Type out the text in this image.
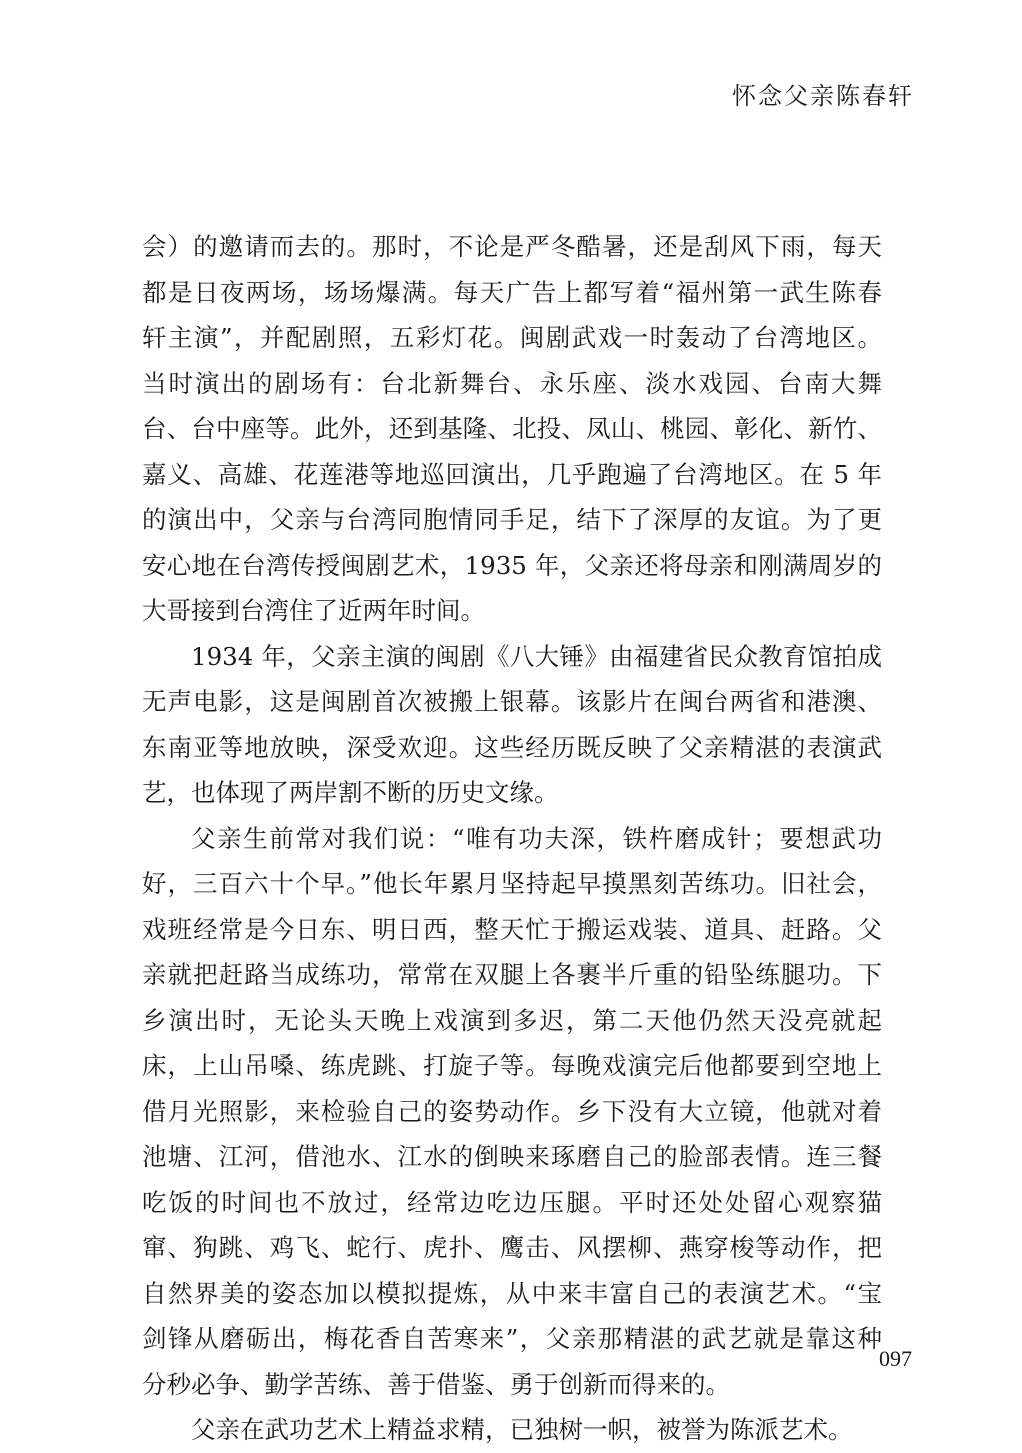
怀念父亲陈春轩
会）的邀请而去的。那时，不论是严冬酷暑，还是刮风下雨，每天
都是日夜两场，场场爆满。每天广告上都写着“福州第一武生陈春
轩主演”，并配剧照，五彩灯花。闽剧武戏一时轰动了台湾地区。
当时演出的剧场有：台北新舞台、永乐座、淡水戏园、台南大舞
台、台中座等。此外，还到基隆、北投、凤山、桃园、彰化、新竹、
嘉义、高雄、花莲港等地巡回演出，几乎跑遍了台湾地区。在 5 年
的演出中，父亲与台湾同胞情同手足，结下了深厚的友谊。为了更
安心地在台湾传授闽剧艺术，1935 年，父亲还将母亲和刚满周岁的
大哥接到台湾住了近两年时间。
1934 年，父亲主演的闽剧《八大锤》由福建省民众教育馆拍成
无声电影，这是闽剧首次被搬上银幕。该影片在闽台两省和港澳、
东南亚等地放映，深受欢迎。这些经历既反映了父亲精湛的表演武
艺，也体现了两岸割不断的历史文缘。
父亲生前常对我们说：“唯有功夫深，铁杵磨成针；要想武功
好，三百六十个早。”他长年累月坚持起早摸黑刻苦练功。旧社会，
戏班经常是今日东、明日西，整天忙于搬运戏装、道具、赶路。父
亲就把赶路当成练功，常常在双腿上各裹半斤重的铅坠练腿功。下
乡演出时，无论头天晚上戏演到多迟，第二天他仍然天没亮就起
床，上山吊嗓、练虎跳、打旋子等。每晚戏演完后他都要到空地上
借月光照影，来检验自己的姿势动作。乡下没有大立镜，他就对着
池塘、江河，借池水、江水的倒映来琢磨自己的脸部表情。连三餐
吃饭的时间也不放过，经常边吃边压腿。平时还处处留心观察猫
窜、狗跳、鸡飞、蛇行、虎扑、鹰击、风摆柳、燕穿梭等动作，把
自然界美的姿态加以模拟提炼，从中来丰富自己的表演艺术。“宝
剑锋从磨砺出，梅花香自苦寒来”，父亲那精湛的武艺就是靠这种
分秒必争、勤学苦练、善于借鉴、勇于创新而得来的。
父亲在武功艺术上精益求精，已独树一帜，被誉为陈派艺术。
097
